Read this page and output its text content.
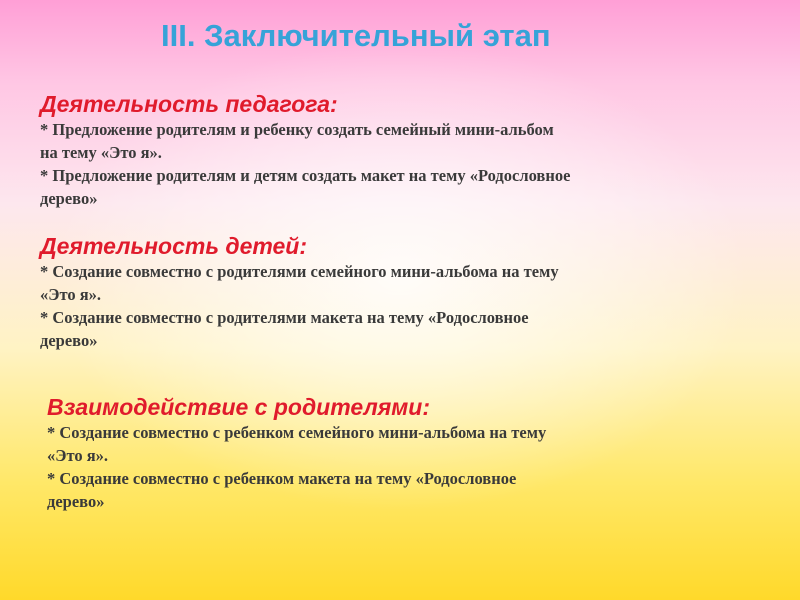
III. Заключительный этап
Деятельность педагога:
* Предложение родителям и ребенку создать семейный мини-альбом
на тему «Это я».
* Предложение родителям и детям создать макет на тему «Родословное
дерево»
Деятельность детей:
* Создание совместно с родителями семейного мини-альбома на тему
«Это я».
* Создание совместно с родителями макета на тему «Родословное
дерево»
Взаимодействие с родителями:
* Создание совместно с ребенком семейного мини-альбома на тему
«Это я».
* Создание совместно с ребенком макета на тему «Родословное
дерево»
